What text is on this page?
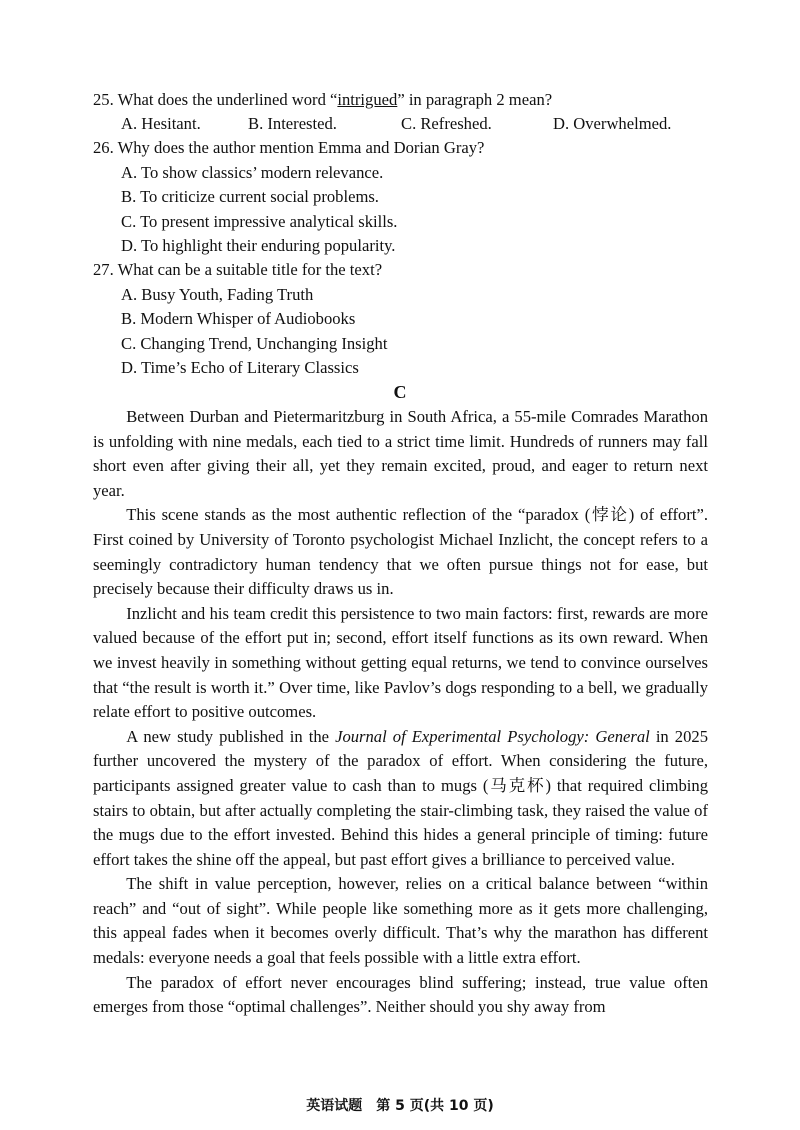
25. What does the underlined word “intrigued” in paragraph 2 mean?
A. Hesitant.	B. Interested.	C. Refreshed.	D. Overwhelmed.
26. Why does the author mention Emma and Dorian Gray?
A. To show classics’ modern relevance.
B. To criticize current social problems.
C. To present impressive analytical skills.
D. To highlight their enduring popularity.
27. What can be a suitable title for the text?
A. Busy Youth, Fading Truth
B. Modern Whisper of Audiobooks
C. Changing Trend, Unchanging Insight
D. Time’s Echo of Literary Classics
C

Between Durban and Pietermaritzburg in South Africa, a 55-mile Comrades Marathon is unfolding with nine medals, each tied to a strict time limit. Hundreds of runners may fall short even after giving their all, yet they remain excited, proud, and eager to return next year.

This scene stands as the most authentic reflection of the “paradox (悖论) of effort”. First coined by University of Toronto psychologist Michael Inzlicht, the concept refers to a seemingly contradictory human tendency that we often pursue things not for ease, but precisely because their difficulty draws us in.

Inzlicht and his team credit this persistence to two main factors: first, rewards are more valued because of the effort put in; second, effort itself functions as its own reward. When we invest heavily in something without getting equal returns, we tend to convince ourselves that “the result is worth it.” Over time, like Pavlov’s dogs responding to a bell, we gradually relate effort to positive outcomes.

A new study published in the Journal of Experimental Psychology: General in 2025 further uncovered the mystery of the paradox of effort. When considering the future, participants assigned greater value to cash than to mugs (马克杯) that required climbing stairs to obtain, but after actually completing the stair-climbing task, they raised the value of the mugs due to the effort invested. Behind this hides a general principle of timing: future effort takes the shine off the appeal, but past effort gives a brilliance to perceived value.

The shift in value perception, however, relies on a critical balance between “within reach” and “out of sight”. While people like something more as it gets more challenging, this appeal fades when it becomes overly difficult. That’s why the marathon has different medals: everyone needs a goal that feels possible with a little extra effort.

The paradox of effort never encourages blind suffering; instead, true value often emerges from those “optimal challenges”. Neither should you shy away from

英语试题　第 5 页(共 10 页)
